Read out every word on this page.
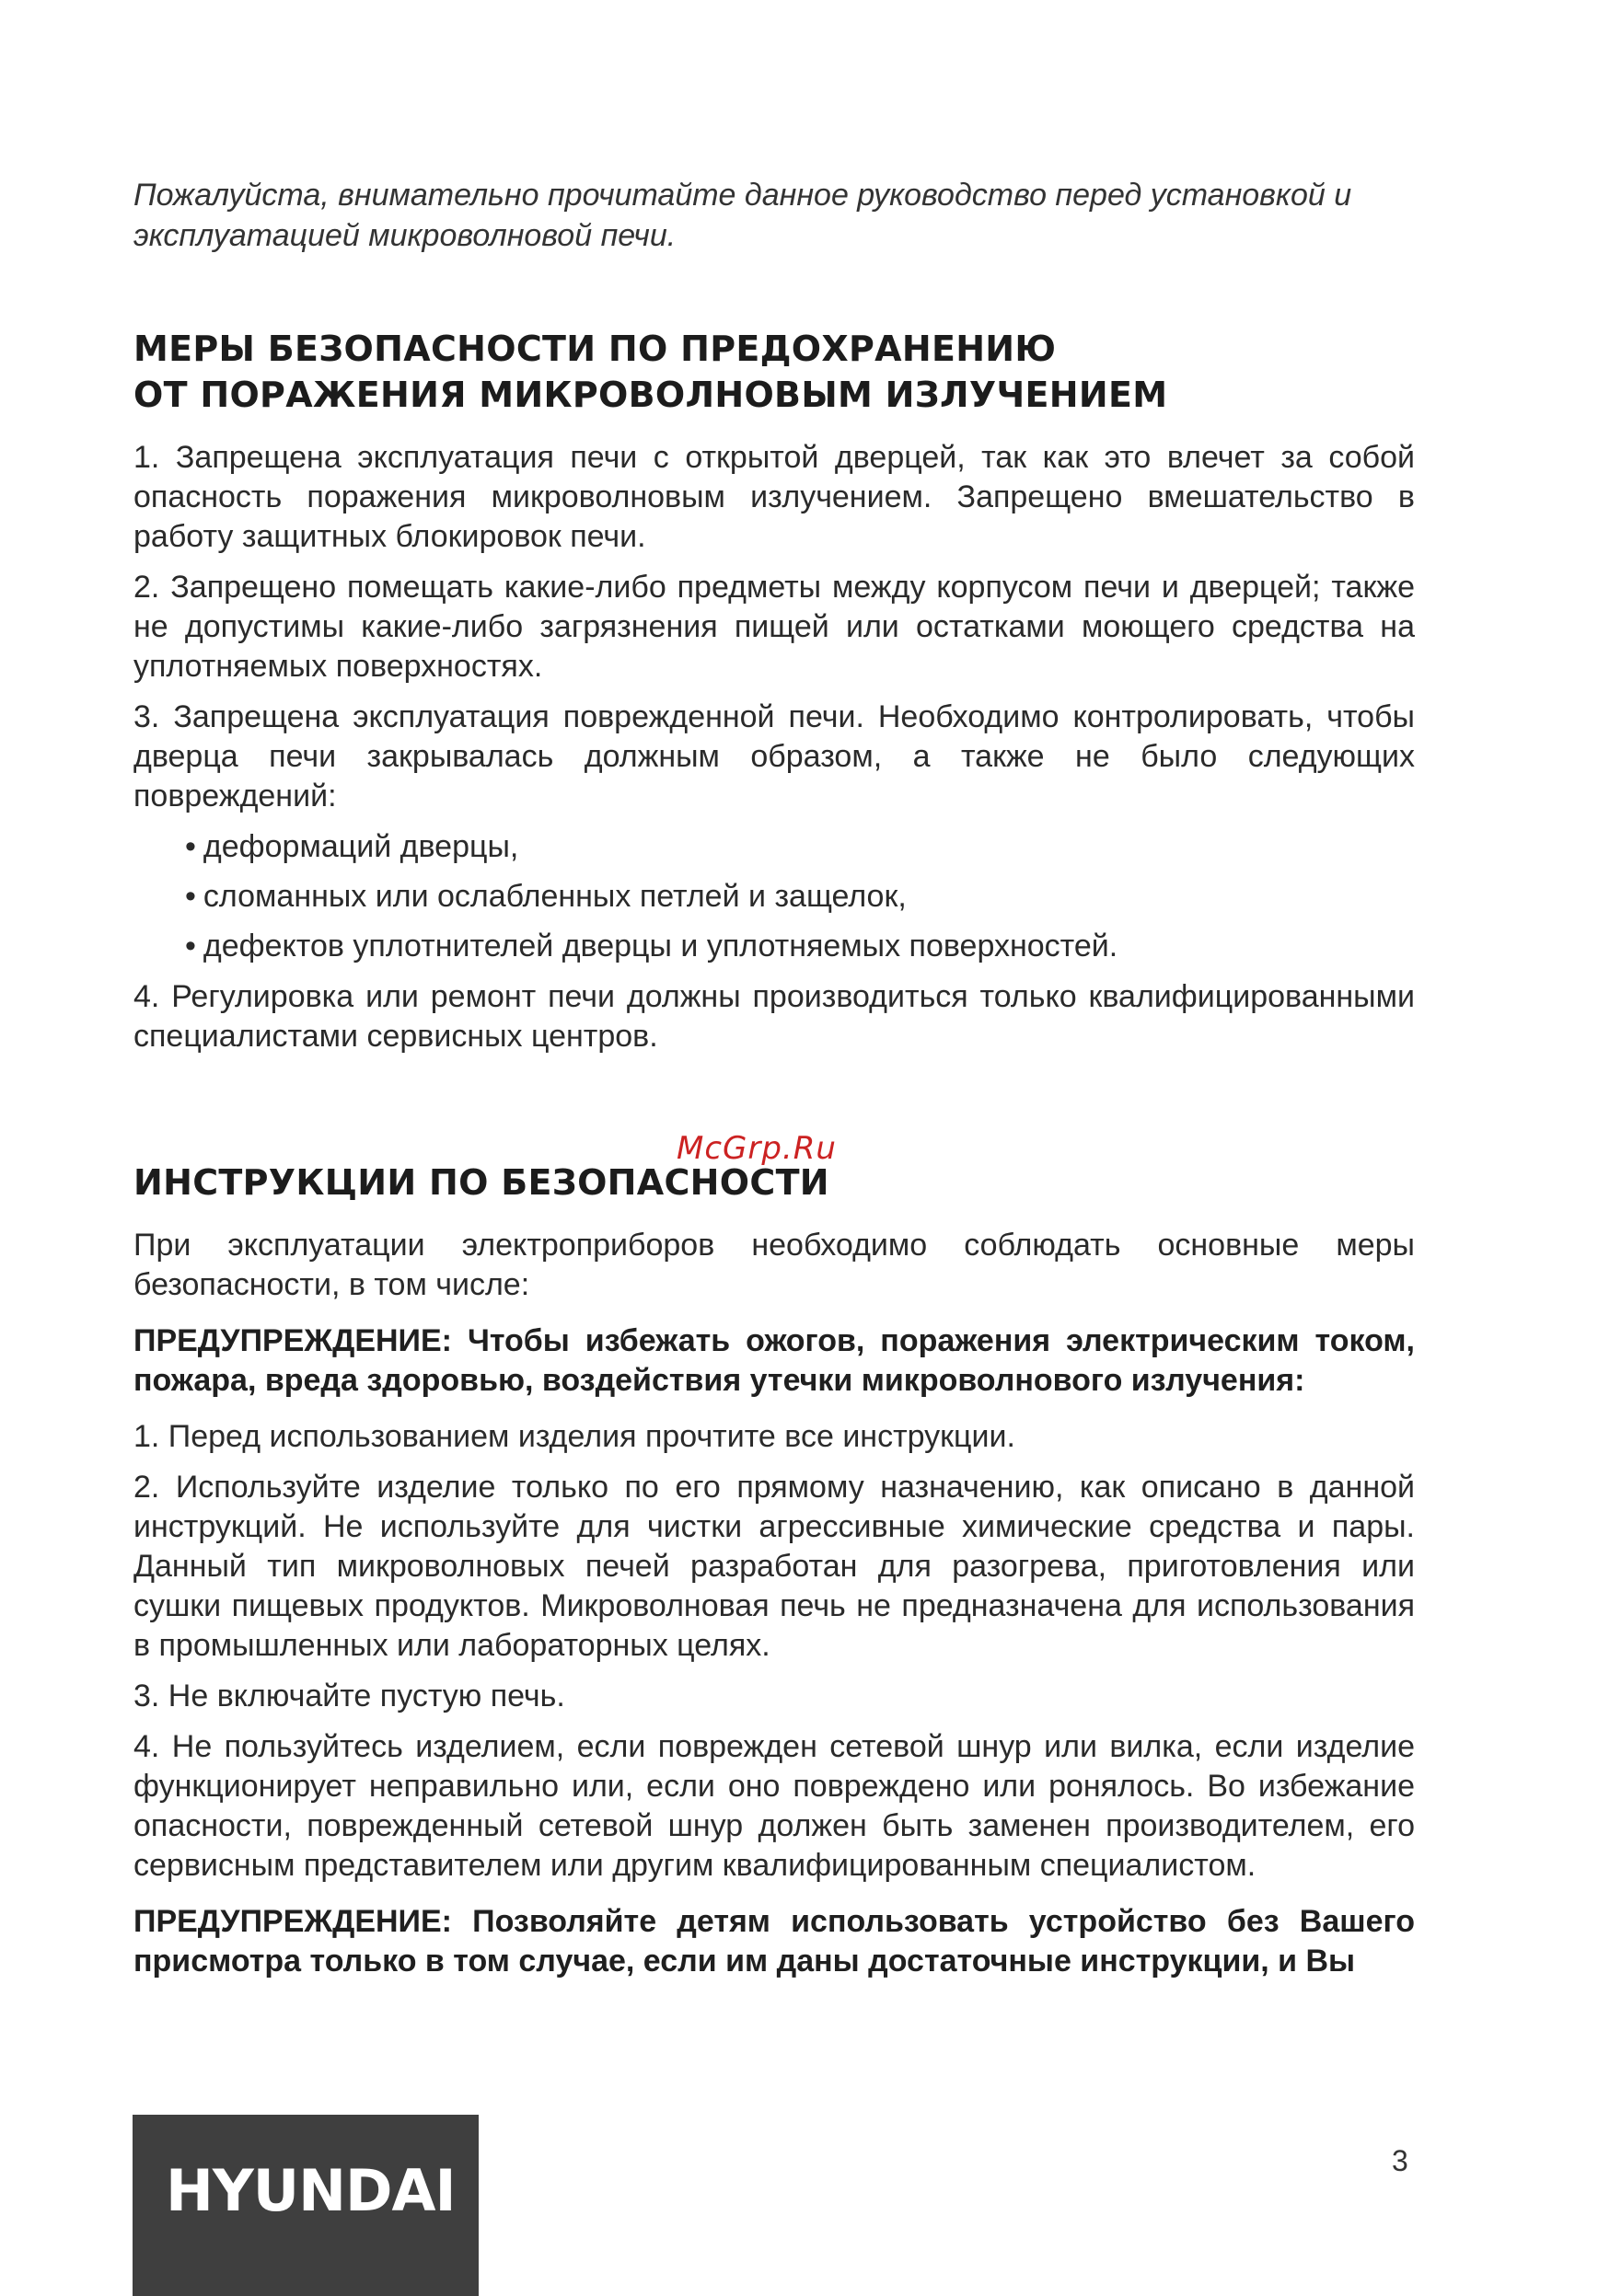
Пожалуйста, внимательно прочитайте данное руководство перед установкой и эксплуатацией микроволновой печи.

МЕРЫ БЕЗОПАСНОСТИ ПО ПРЕДОХРАНЕНИЮ
ОТ ПОРАЖЕНИЯ МИКРОВОЛНОВЫМ ИЗЛУЧЕНИЕМ

1. Запрещена эксплуатация печи с открытой дверцей, так как это влечет за собой опасность поражения микроволновым излучением. Запрещено вмешательство в работу защитных блокировок печи.

2. Запрещено помещать какие-либо предметы между корпусом печи и дверцей; также не допустимы какие-либо загрязнения пищей или остатками моющего средства на уплотняемых поверхностях.

3. Запрещена эксплуатация поврежденной печи. Необходимо контролировать, чтобы дверца печи закрывалась должным образом, а также не было следующих повреждений:

• деформаций дверцы,
• сломанных или ослабленных петлей и защелок,
• дефектов уплотнителей дверцы и уплотняемых поверхностей.

4. Регулировка или ремонт печи должны производиться только квалифицированными специалистами сервисных центров.

ИНСТРУКЦИИ ПО БЕЗОПАСНОСТИ

При эксплуатации электроприборов необходимо соблюдать основные меры безопасности, в том числе:

ПРЕДУПРЕЖДЕНИЕ: Чтобы избежать ожогов, поражения электрическим током, пожара, вреда здоровью, воздействия утечки микроволнового излучения:

1. Перед использованием изделия прочтите все инструкции.

2. Используйте изделие только по его прямому назначению, как описано в данной инструкций. Не используйте для чистки агрессивные химические средства и пары. Данный тип микроволновых печей разработан для разогрева, приготовления или сушки пищевых продуктов. Микроволновая печь не предназначена для использования в промышленных или лабораторных целях.

3. Не включайте пустую печь.

4. Не пользуйтесь изделием, если поврежден сетевой шнур или вилка, если изделие функционирует неправильно или, если оно повреждено или ронялось. Во избежание опасности, поврежденный сетевой шнур должен быть заменен производителем, его сервисным представителем или другим квалифицированным специалистом.

ПРЕДУПРЕЖДЕНИЕ: Позволяйте детям использовать устройство без Вашего присмотра только в том случае, если им даны достаточные инструкции, и Вы

McGrp.Ru
HYUNDAI	3
